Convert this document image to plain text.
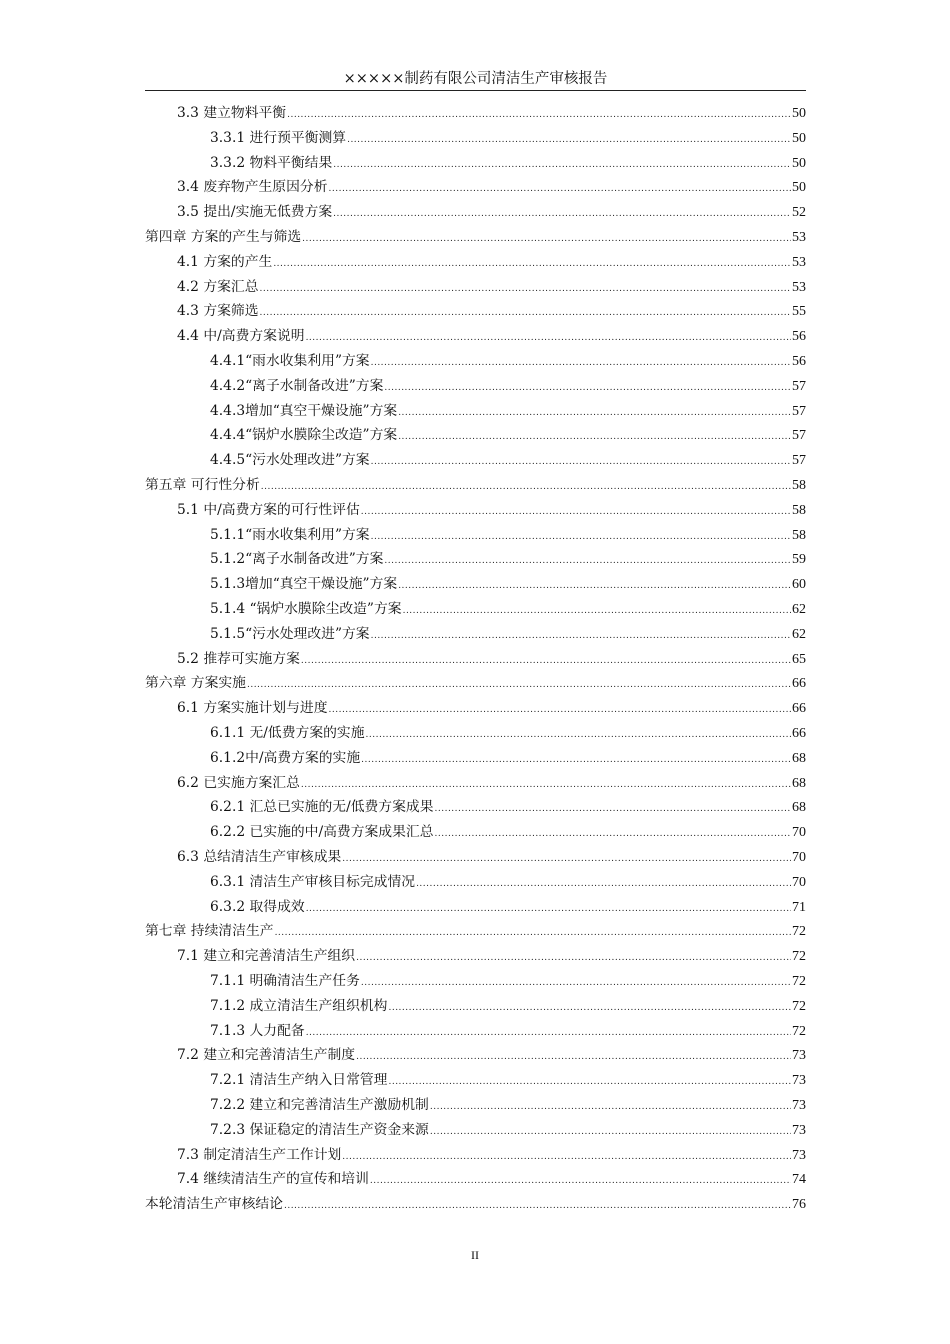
×××××制药有限公司清洁生产审核报告
3.3 建立物料平衡 .....	50
3.3.1 进行预平衡测算 .....	50
3.3.2 物料平衡结果 .....	50
3.4 废弃物产生原因分析 .....	50
3.5 提出/实施无低费方案 .....	52
第四章 方案的产生与筛选 .....	53
4.1 方案的产生 .....	53
4.2 方案汇总 .....	53
4.3 方案筛选 .....	55
4.4 中/高费方案说明 .....	56
4.4.1“雨水收集利用”方案 .....	56
4.4.2“离子水制备改进”方案 .....	57
4.4.3增加“真空干燥设施”方案 .....	57
4.4.4“锅炉水膜除尘改造”方案 .....	57
4.4.5“污水处理改进”方案 .....	57
第五章 可行性分析 .....	58
5.1 中/高费方案的可行性评估 .....	58
5.1.1“雨水收集利用”方案 .....	58
5.1.2“离子水制备改进”方案 .....	59
5.1.3增加“真空干燥设施”方案 .....	60
5.1.4 “锅炉水膜除尘改造”方案 .....	62
5.1.5“污水处理改进”方案 .....	62
5.2 推荐可实施方案 .....	65
第六章 方案实施 .....	66
6.1 方案实施计划与进度 .....	66
6.1.1 无/低费方案的实施 .....	66
6.1.2中/高费方案的实施 .....	68
6.2 已实施方案汇总 .....	68
6.2.1 汇总已实施的无/低费方案成果 .....	68
6.2.2 已实施的中/高费方案成果汇总 .....	70
6.3 总结清洁生产审核成果 .....	70
6.3.1 清洁生产审核目标完成情况 .....	70
6.3.2 取得成效 .....	71
第七章 持续清洁生产 .....	72
7.1 建立和完善清洁生产组织 .....	72
7.1.1 明确清洁生产任务 .....	72
7.1.2 成立清洁生产组织机构 .....	72
7.1.3 人力配备 .....	72
7.2 建立和完善清洁生产制度 .....	73
7.2.1 清洁生产纳入日常管理 .....	73
7.2.2 建立和完善清洁生产激励机制 .....	73
7.2.3 保证稳定的清洁生产资金来源 .....	73
7.3 制定清洁生产工作计划 .....	73
7.4 继续清洁生产的宣传和培训 .....	74
本轮清洁生产审核结论 .....	76
II
